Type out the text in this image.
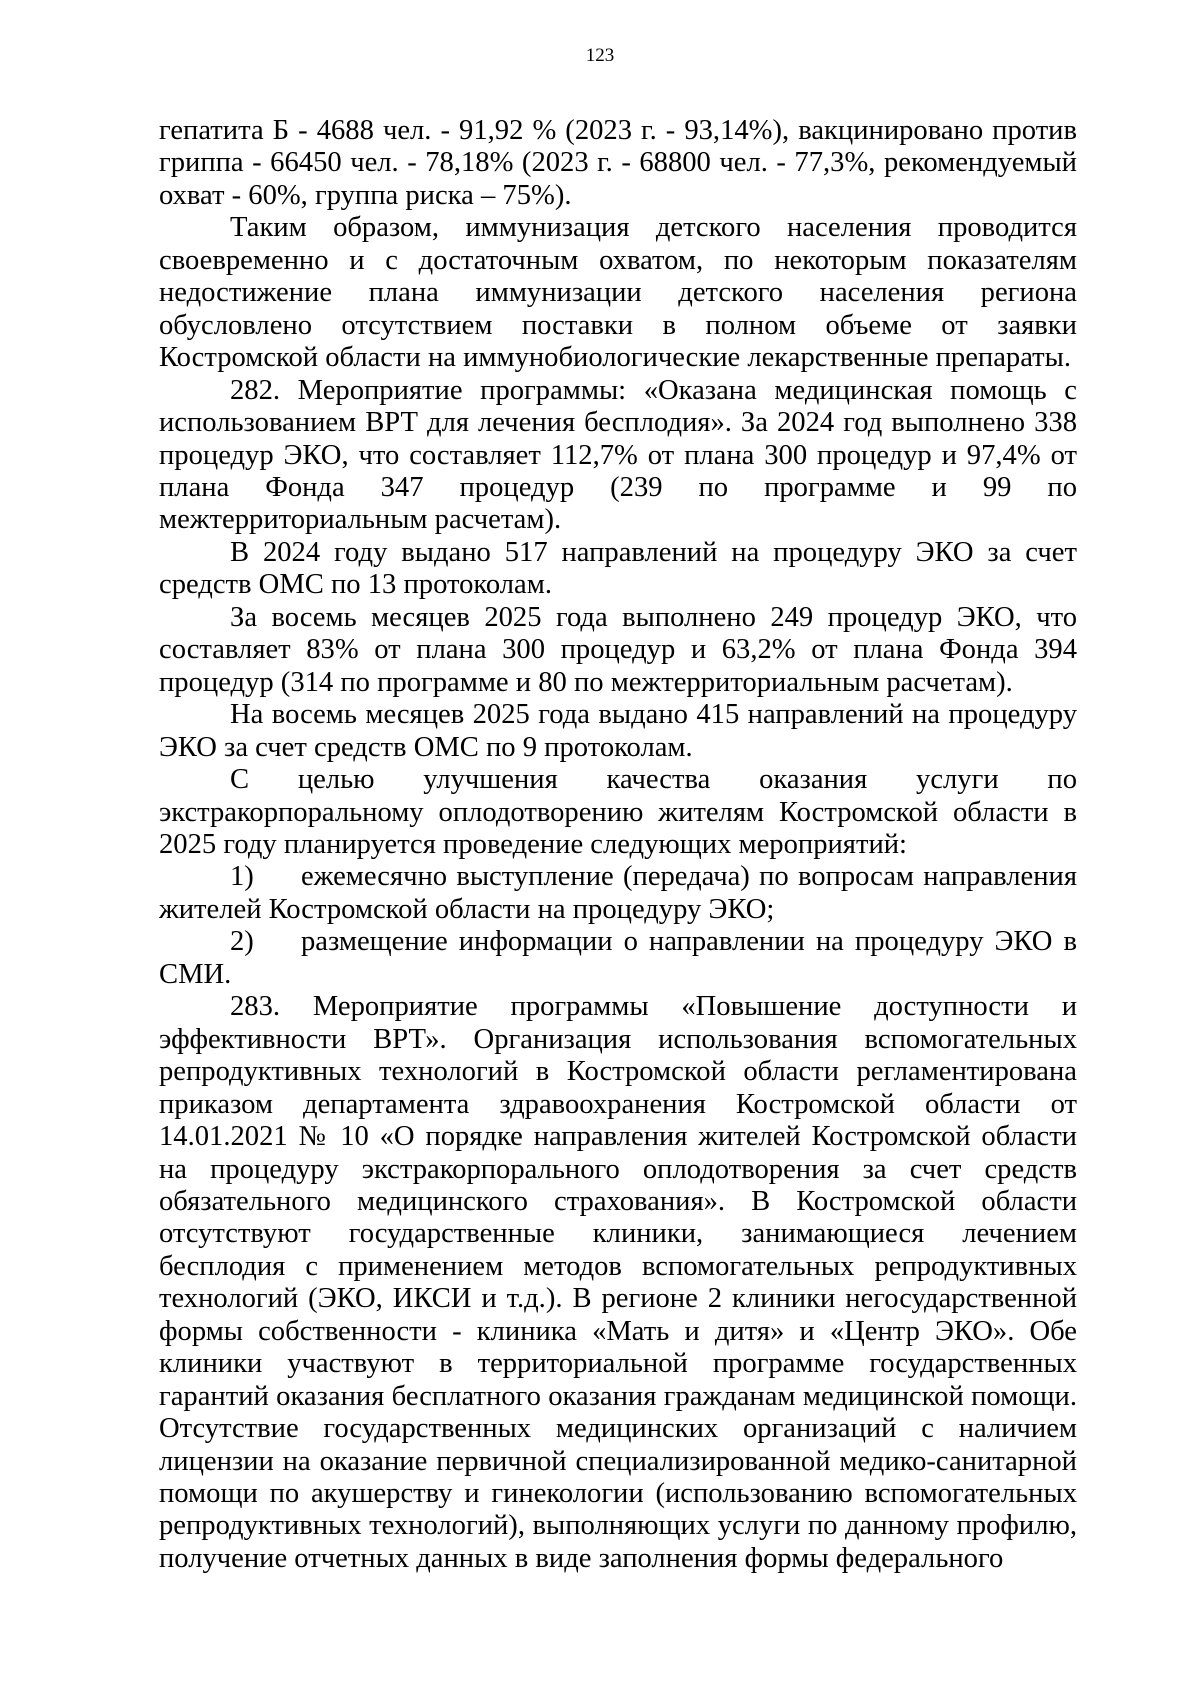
123

гепатита Б - 4688 чел. - 91,92 % (2023 г. - 93,14%), вакцинировано против гриппа - 66450 чел. - 78,18% (2023 г. - 68800 чел. - 77,3%, рекомендуемый охват - 60%, группа риска – 75%).

Таким образом, иммунизация детского населения проводится своевременно и с достаточным охватом, по некоторым показателям недостижение плана иммунизации детского населения региона обусловлено отсутствием поставки в полном объеме от заявки Костромской области на иммунобиологические лекарственные препараты.

282. Мероприятие программы: «Оказана медицинская помощь с использованием ВРТ для лечения бесплодия». За 2024 год выполнено 338 процедур ЭКО, что составляет 112,7% от плана 300 процедур и 97,4% от плана Фонда 347 процедур (239 по программе и 99 по межтерриториальным расчетам).

В 2024 году выдано 517 направлений на процедуру ЭКО за счет средств ОМС по 13 протоколам.

За восемь месяцев 2025 года выполнено 249 процедур ЭКО, что составляет 83% от плана 300 процедур и 63,2% от плана Фонда 394 процедур (314 по программе и 80 по межтерриториальным расчетам).

На восемь месяцев 2025 года выдано 415 направлений на процедуру ЭКО за счет средств ОМС по 9 протоколам.

С целью улучшения качества оказания услуги по экстракорпоральному оплодотворению жителям Костромской области в 2025 году планируется проведение следующих мероприятий:

1) ежемесячно выступление (передача) по вопросам направления жителей Костромской области на процедуру ЭКО;

2) размещение информации о направлении на процедуру ЭКО в СМИ.

283. Мероприятие программы «Повышение доступности и эффективности ВРТ». Организация использования вспомогательных репродуктивных технологий в Костромской области регламентирована приказом департамента здравоохранения Костромской области от 14.01.2021 № 10 «О порядке направления жителей Костромской области на процедуру экстракорпорального оплодотворения за счет средств обязательного медицинского страхования». В Костромской области отсутствуют государственные клиники, занимающиеся лечением бесплодия с применением методов вспомогательных репродуктивных технологий (ЭКО, ИКСИ и т.д.). В регионе 2 клиники негосударственной формы собственности - клиника «Мать и дитя» и «Центр ЭКО». Обе клиники участвуют в территориальной программе государственных гарантий оказания бесплатного оказания гражданам медицинской помощи. Отсутствие государственных медицинских организаций с наличием лицензии на оказание первичной специализированной медико-санитарной помощи по акушерству и гинекологии (использованию вспомогательных репродуктивных технологий), выполняющих услуги по данному профилю, получение отчетных данных в виде заполнения формы федерального
